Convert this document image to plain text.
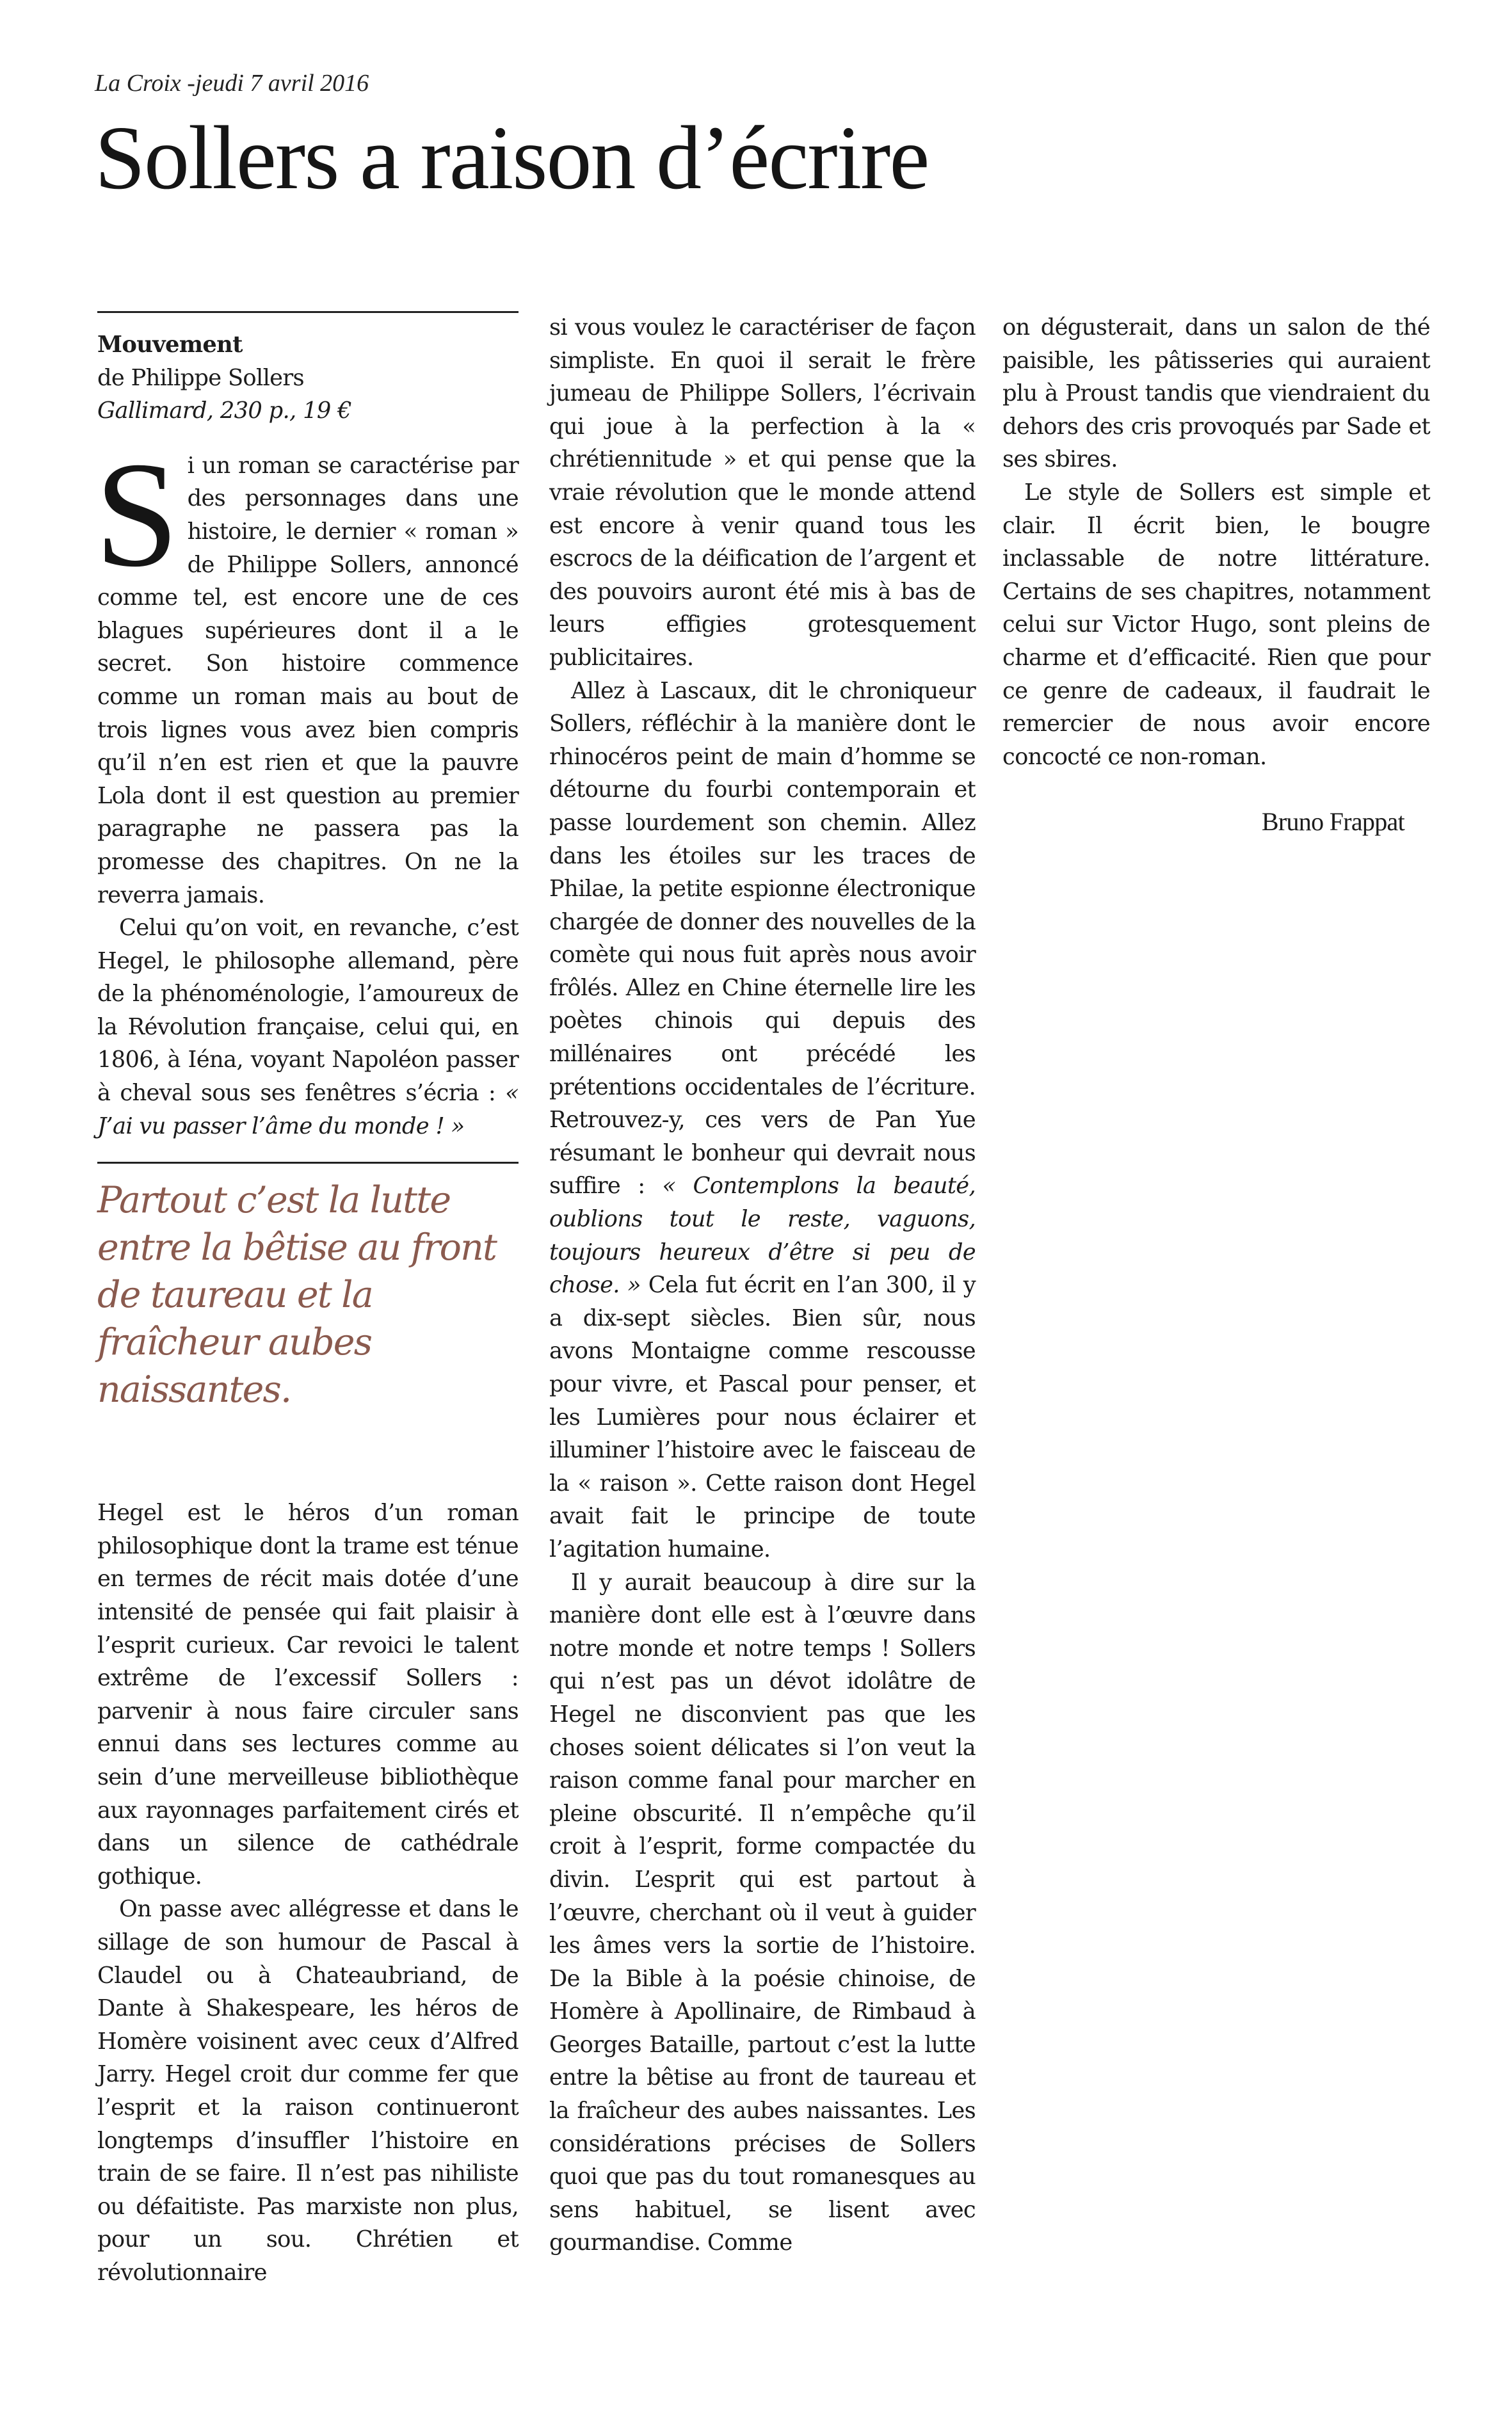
La Croix -jeudi 7 avril 2016
Sollers a raison d’écrire
Mouvement
de Philippe Sollers
Gallimard, 230 p., 19 €

Si un roman se caractérise par des personnages dans une histoire, le dernier « roman » de Philippe Sollers, annoncé comme tel, est encore une de ces blagues supérieures dont il a le secret. Son histoire commence comme un roman mais au bout de trois lignes vous avez bien compris qu’il n’en est rien et que la pauvre Lola dont il est question au premier paragraphe ne passera pas la promesse des chapitres. On ne la reverra jamais.

Celui qu’on voit, en revanche, c’est Hegel, le philosophe allemand, père de la phénoménologie, l’amoureux de la Révolution française, celui qui, en 1806, à Iéna, voyant Napoléon passer à cheval sous ses fenêtres s’écria : « J’ai vu passer l’âme du monde ! »

Partout c’est la lutte entre la bêtise au front de taureau et la fraîcheur aubes naissantes.

Hegel est le héros d’un roman philosophique dont la trame est ténue en termes de récit mais dotée d’une intensité de pensée qui fait plaisir à l’esprit curieux. Car revoici le talent extrême de l’excessif Sollers : parvenir à nous faire circuler sans ennui dans ses lectures comme au sein d’une merveilleuse bibliothèque aux rayonnages parfaitement cirés et dans un silence de cathédrale gothique.

On passe avec allégresse et dans le sillage de son humour de Pascal à Claudel ou à Chateaubriand, de Dante à Shakespeare, les héros de Homère voisinent avec ceux d’Alfred Jarry. Hegel croit dur comme fer que l’esprit et la raison continueront longtemps d’insuffler l’histoire en train de se faire. Il n’est pas nihiliste ou défaitiste. Pas marxiste non plus, pour un sou. Chrétien et révolutionnaire

si vous voulez le caractériser de façon simpliste. En quoi il serait le frère jumeau de Philippe Sollers, l’écrivain qui joue à la perfection à la « chrétiennitude » et qui pense que la vraie révolution que le monde attend est encore à venir quand tous les escrocs de la déification de l’argent et des pouvoirs auront été mis à bas de leurs effigies grotesquement publicitaires.

Allez à Lascaux, dit le chroniqueur Sollers, réfléchir à la manière dont le rhinocéros peint de main d’homme se détourne du fourbi contemporain et passe lourdement son chemin. Allez dans les étoiles sur les traces de Philae, la petite espionne électronique chargée de donner des nouvelles de la comète qui nous fuit après nous avoir frôlés. Allez en Chine éternelle lire les poètes chinois qui depuis des millénaires ont précédé les prétentions occidentales de l’écriture. Retrouvez-y, ces vers de Pan Yue résumant le bonheur qui devrait nous suffire : « Contemplons la beauté, oublions tout le reste, vaguons, toujours heureux d’être si peu de chose. » Cela fut écrit en l’an 300, il y a dix-sept siècles. Bien sûr, nous avons Montaigne comme rescousse pour vivre, et Pascal pour penser, et les Lumières pour nous éclairer et illuminer l’histoire avec le faisceau de la « raison ». Cette raison dont Hegel avait fait le principe de toute l’agitation humaine.

Il y aurait beaucoup à dire sur la manière dont elle est à l’œuvre dans notre monde et notre temps ! Sollers qui n’est pas un dévot idolâtre de Hegel ne disconvient pas que les choses soient délicates si l’on veut la raison comme fanal pour marcher en pleine obscurité. Il n’empêche qu’il croit à l’esprit, forme compactée du divin. L’esprit qui est partout à l’œuvre, cherchant où il veut à guider les âmes vers la sortie de l’histoire. De la Bible à la poésie chinoise, de Homère à Apollinaire, de Rimbaud à Georges Bataille, partout c’est la lutte entre la bêtise au front de taureau et la fraîcheur des aubes naissantes. Les considérations précises de Sollers quoi que pas du tout romanesques au sens habituel, se lisent avec gourmandise. Comme

on dégusterait, dans un salon de thé paisible, les pâtisseries qui auraient plu à Proust tandis que viendraient du dehors des cris provoqués par Sade et ses sbires.

Le style de Sollers est simple et clair. Il écrit bien, le bougre inclassable de notre littérature. Certains de ses chapitres, notamment celui sur Victor Hugo, sont pleins de charme et d’efficacité. Rien que pour ce genre de cadeaux, il faudrait le remercier de nous avoir encore concocté ce non-roman.

Bruno Frappat
